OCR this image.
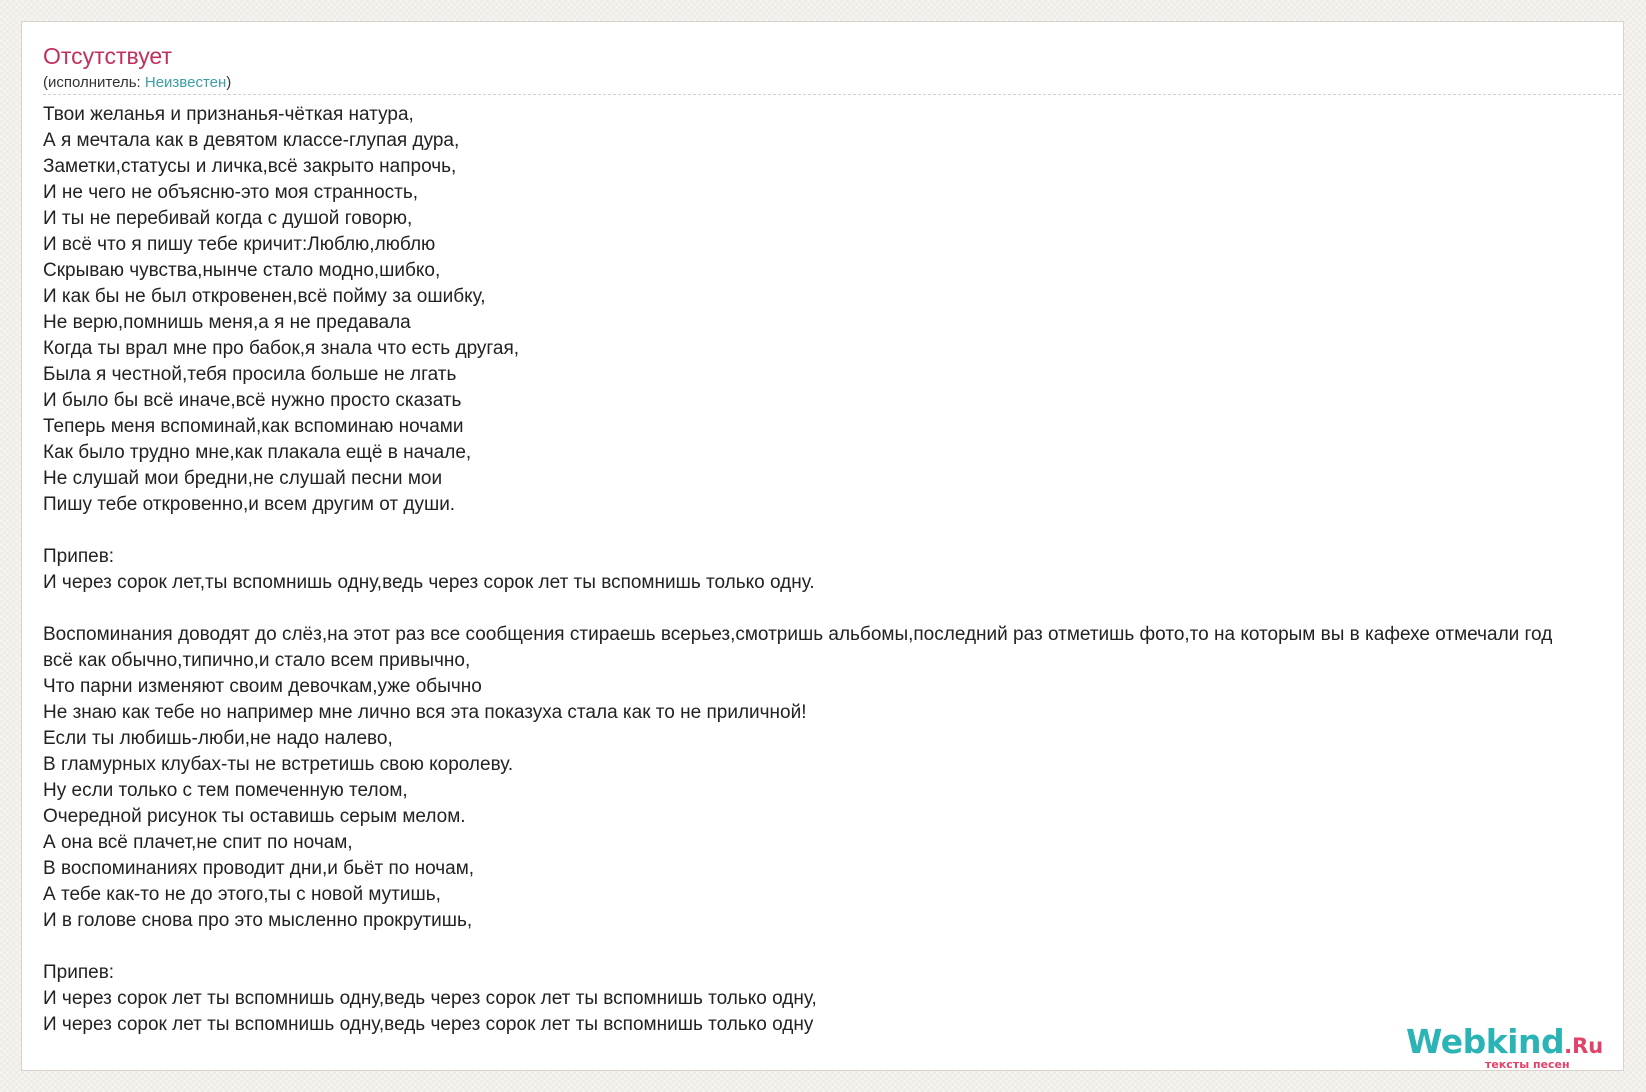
Отсутствует
(исполнитель: Неизвестен)
Твои желанья и признанья-чёткая натура,
А я мечтала как в девятом классе-глупая дура,
Заметки,статусы и личка,всё закрыто напрочь,
И не чего не объясню-это моя странность,
И ты не перебивай когда с душой говорю,
И всё что я пишу тебе кричит:Люблю,люблю
Скрываю чувства,нынче стало модно,шибко,
И как бы не был откровенен,всё пойму за ошибку,
Не верю,помнишь меня,а я не предавала
Когда ты врал мне про бабок,я знала что есть другая,
Была я честной,тебя просила больше не лгать
И было бы всё иначе,всё нужно просто сказать
Теперь меня вспоминай,как вспоминаю ночами
Как было трудно мне,как плакала ещё в начале,
Не слушай мои бредни,не слушай песни мои
Пишу тебе откровенно,и всем другим от души.
Припев:
И через сорок лет,ты вспомнишь одну,ведь через сорок лет ты вспомнишь только одну.
Воспоминания доводят до слёз,на этот раз все сообщения стираешь всерьез,смотришь альбомы,последний раз отметишь фото,то на которым вы в кафехе отмечали год
всё как обычно,типично,и стало всем привычно,
Что парни изменяют своим девочкам,уже обычно
Не знаю как тебе но например мне лично вся эта показуха стала как то не приличной!
Если ты любишь-люби,не надо налево,
В гламурных клубах-ты не встретишь свою королеву.
Ну если только с тем помеченную телом,
Очередной рисунок ты оставишь серым мелом.
А она всё плачет,не спит по ночам,
В воспоминаниях проводит дни,и бьёт по ночам,
А тебе как-то не до этого,ты с новой мутишь,
И в голове снова про это мысленно прокрутишь,
Припев:
И через сорок лет ты вспомнишь одну,ведь через сорок лет ты вспомнишь только одну,
И через сорок лет ты вспомнишь одну,ведь через сорок лет ты вспомнишь только одну	Webkind.Ru
тексты песен
